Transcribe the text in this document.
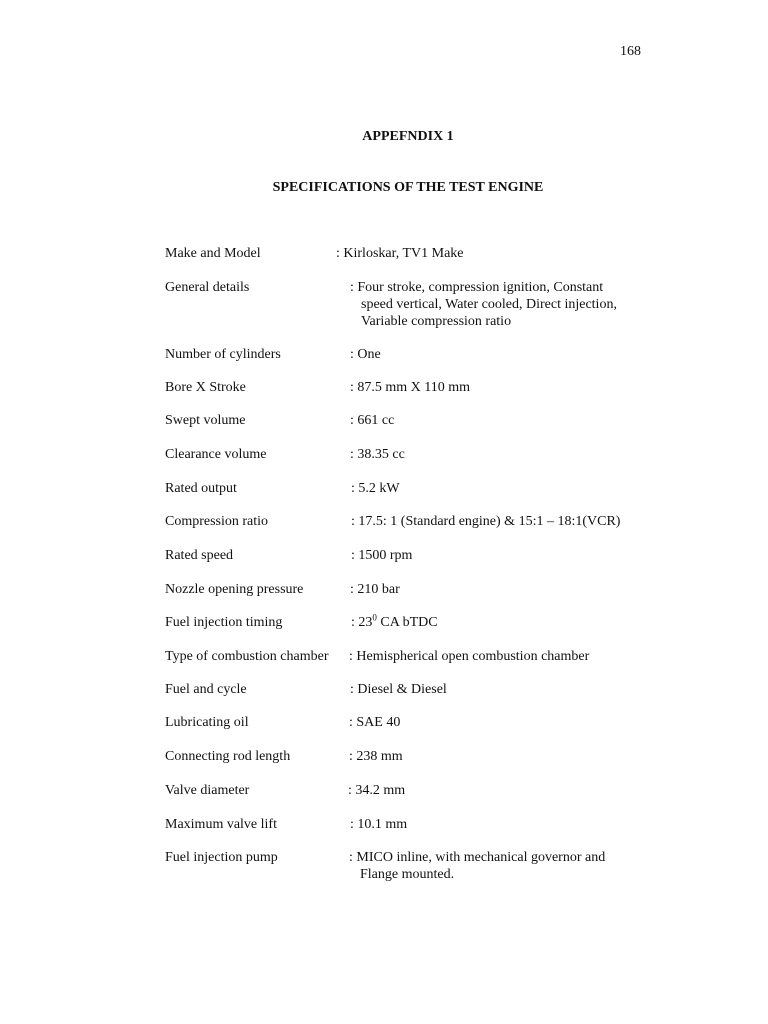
168
APPEFNDIX 1
SPECIFICATIONS OF THE TEST ENGINE
Make and Model	: Kirloskar, TV1 Make
General details	: Four stroke, compression ignition, Constant
speed vertical, Water cooled, Direct injection,
Variable compression ratio
Number of cylinders	: One
Bore X Stroke	: 87.5 mm X 110 mm
Swept volume	: 661 cc
Clearance volume	: 38.35 cc
Rated output	: 5.2 kW
Compression ratio	: 17.5: 1 (Standard engine) & 15:1 – 18:1(VCR)
Rated speed	: 1500 rpm
Nozzle opening pressure	: 210 bar
Fuel injection timing	: $23^0$ CA bTDC
Type of combustion chamber : Hemispherical open combustion chamber
Fuel and cycle	: Diesel & Diesel
Lubricating oil	: SAE 40
Connecting rod length	: 238 mm
Valve diameter	: 34.2 mm
Maximum valve lift	: 10.1 mm
Fuel injection pump	: MICO inline, with mechanical governor and
Flange mounted.
